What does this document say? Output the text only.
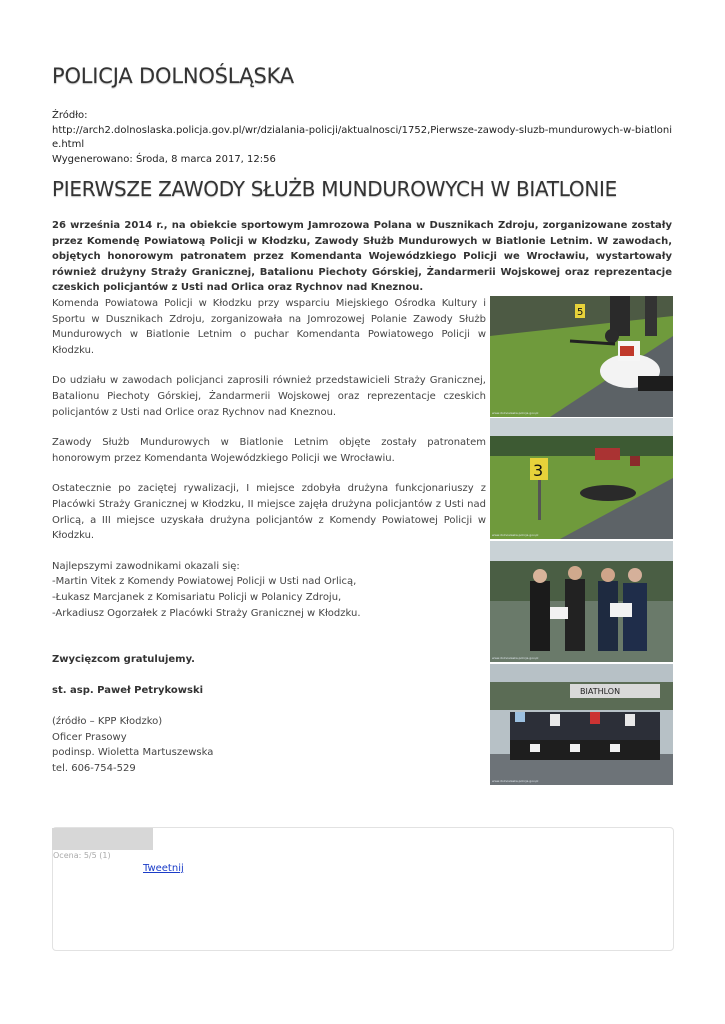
POLICJA DOLNOŚLĄSKA
Źródło:
http://arch2.dolnoslaska.policja.gov.pl/wr/dzialania-policji/aktualnosci/1752,Pierwsze-zawody-sluzb-mundurowych-w-biatlonie.html
Wygenerowano: Środa, 8 marca 2017, 12:56
PIERWSZE ZAWODY SŁUŻB MUNDUROWYCH W BIATLONIE
26 września 2014 r., na obiekcie sportowym Jamrozowa Polana w Dusznikach Zdroju, zorganizowane zostały przez Komendę Powiatową Policji w Kłodzku, Zawody Służb Mundurowych w Biatlonie Letnim. W zawodach, objętych honorowym patronatem przez Komendanta Wojewódzkiego Policji we Wrocławiu, wystartowały również drużyny Straży Granicznej, Batalionu Piechoty Górskiej, Żandarmerii Wojskowej oraz reprezentacje czeskich policjantów z Usti nad Orlica oraz Rychnov nad Kneznou.

Komenda Powiatowa Policji w Kłodzku przy wsparciu Miejskiego Ośrodka Kultury i Sportu w Dusznikach Zdroju, zorganizowała na Jomrozowej Polanie Zawody Służb Mundurowych w Biatlonie Letnim o puchar Komendanta Powiatowego Policji w Kłodzku.

Do udziału w zawodach policjanci zaprosili również przedstawicieli Straży Granicznej, Batalionu Piechoty Górskiej, Żandarmerii Wojskowej oraz reprezentacje czeskich policjantów z Usti nad Orlice oraz Rychnov nad Kneznou.

Zawody Służb Mundurowych w Biatlonie Letnim objęte zostały patronatem honorowym przez Komendanta Wojewódzkiego Policji we Wrocławiu.

Ostatecznie po zaciętej rywalizacji, I miejsce zdobyła drużyna funkcjonariuszy z Placówki Straży Granicznej w Kłodzku, II miejsce zajęła drużyna policjantów z Usti nad Orlicą, a III miejsce uzyskała drużyna policjantów z Komendy Powiatowej Policji w Kłodzku.

Najlepszymi zawodnikami okazali się:

-Martin Vitek z Komendy Powiatowej Policji w Usti nad Orlicą,
-Łukasz Marcjanek z Komisariatu Policji w Polanicy Zdroju,
-Arkadiusz Ogorzałek z Placówki Straży Granicznej w Kłodzku.

Zwycięzcom gratulujemy.

st. asp. Paweł Petrykowski

(źródło – KPP Kłodzko)
Oficer Prasowy
podinsp. Wioletta Martuszewska
tel. 606-754-529
5
www.dolnoslaska.policja.gov.pl
3
www.dolnoslaska.policja.gov.pl
www.dolnoslaska.policja.gov.pl
BIATHLON
www.dolnoslaska.policja.gov.pl
Ocena: 5/5 (1)
Tweetnij
